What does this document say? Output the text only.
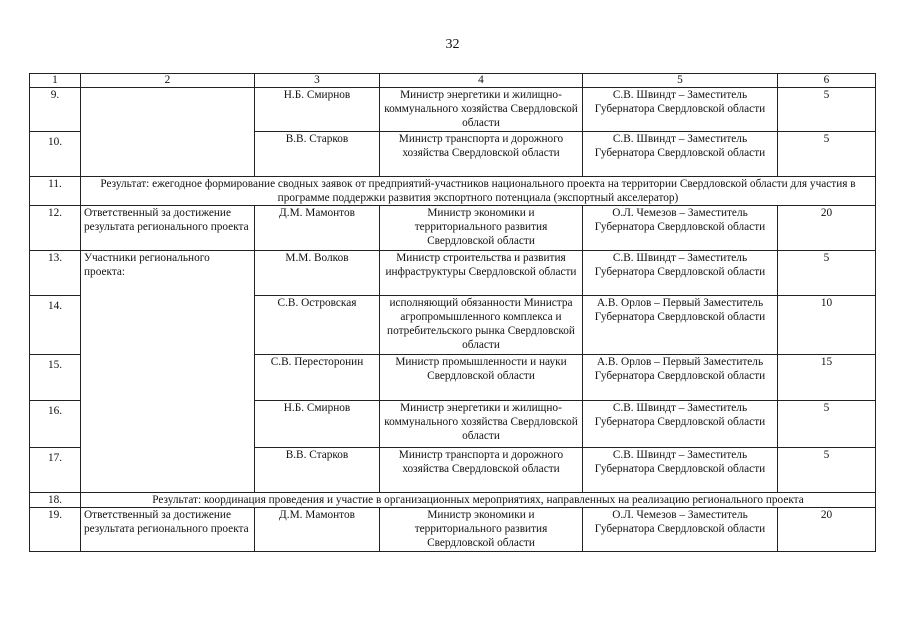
32
1	2	3	4	5	6
9.		Н.Б. Смирнов	Министр энергетики и жилищно-коммунального хозяйства Свердловской области	С.В. Швиндт – Заместитель Губернатора Свердловской области	5
10.		В.В. Старков	Министр транспорта и дорожного хозяйства Свердловской области	С.В. Швиндт – Заместитель Губернатора Свердловской области	5
11.	Результат: ежегодное формирование сводных заявок от предприятий-участников национального проекта на территории Свердловской области для участия в программе поддержки развития экспортного потенциала (экспортный акселератор)				
12.	Ответственный за достижение результата регионального проекта	Д.М. Мамонтов	Министр экономики и территориального развития Свердловской области	О.Л. Чемезов – Заместитель Губернатора Свердловской области	20
13.	Участники регионального проекта:	М.М. Волков	Министр строительства и развития инфраструктуры Свердловской области	С.В. Швиндт – Заместитель Губернатора Свердловской области	5
14.		С.В. Островская	исполняющий обязанности Министра агропромышленного комплекса и потребительского рынка Свердловской области	А.В. Орлов – Первый Заместитель Губернатора Свердловской области	10
15.		С.В. Пересторонин	Министр промышленности и науки Свердловской области	А.В. Орлов – Первый Заместитель Губернатора Свердловской области	15
16.		Н.Б. Смирнов	Министр энергетики и жилищно-коммунального хозяйства Свердловской области	С.В. Швиндт – Заместитель Губернатора Свердловской области	5
17.		В.В. Старков	Министр транспорта и дорожного хозяйства Свердловской области	С.В. Швиндт – Заместитель Губернатора Свердловской области	5
18.	Результат: координация проведения и участие в организационных мероприятиях, направленных на реализацию регионального проекта				
19.	Ответственный за достижение результата регионального проекта	Д.М. Мамонтов	Министр экономики и территориального развития Свердловской области	О.Л. Чемезов – Заместитель Губернатора Свердловской области	20
